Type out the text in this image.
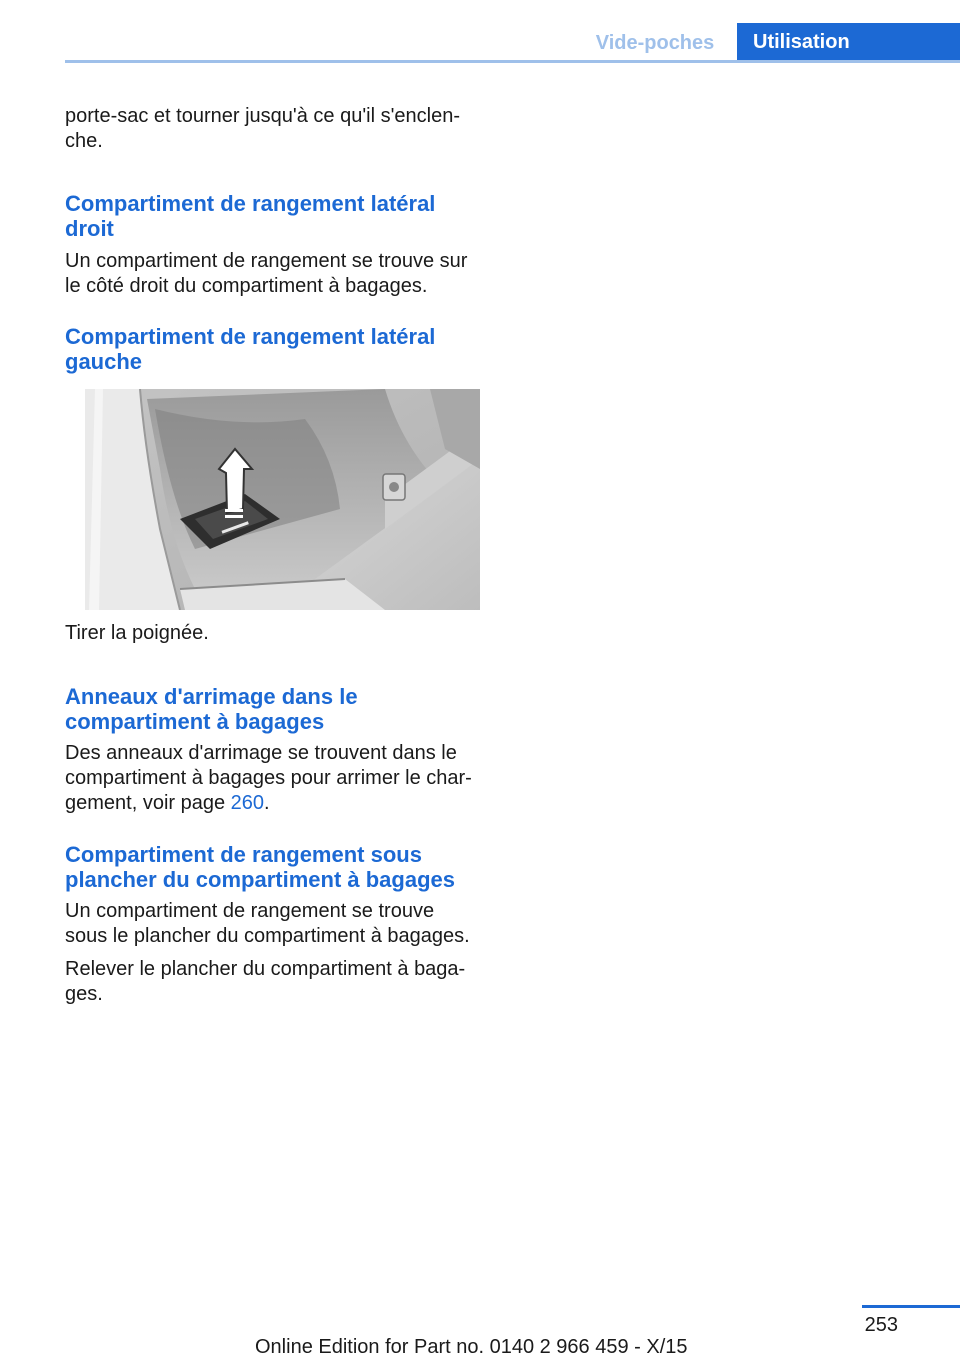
Vide-poches	Utilisation

porte-sac et tourner jusqu'à ce qu'il s'enclen-

che.

Compartiment de rangement latéral

droit

Un compartiment de rangement se trouve sur

le côté droit du compartiment à bagages.

Compartiment de rangement latéral

gauche

Tirer la poignée.

Anneaux d'arrimage dans le

compartiment à bagages

Des anneaux d'arrimage se trouvent dans le

compartiment à bagages pour arrimer le char-

gement, voir page 260.

Compartiment de rangement sous

plancher du compartiment à bagages

Un compartiment de rangement se trouve

sous le plancher du compartiment à bagages.

Relever le plancher du compartiment à baga-

ges.

253
Online Edition for Part no. 0140 2 966 459 - X/15
